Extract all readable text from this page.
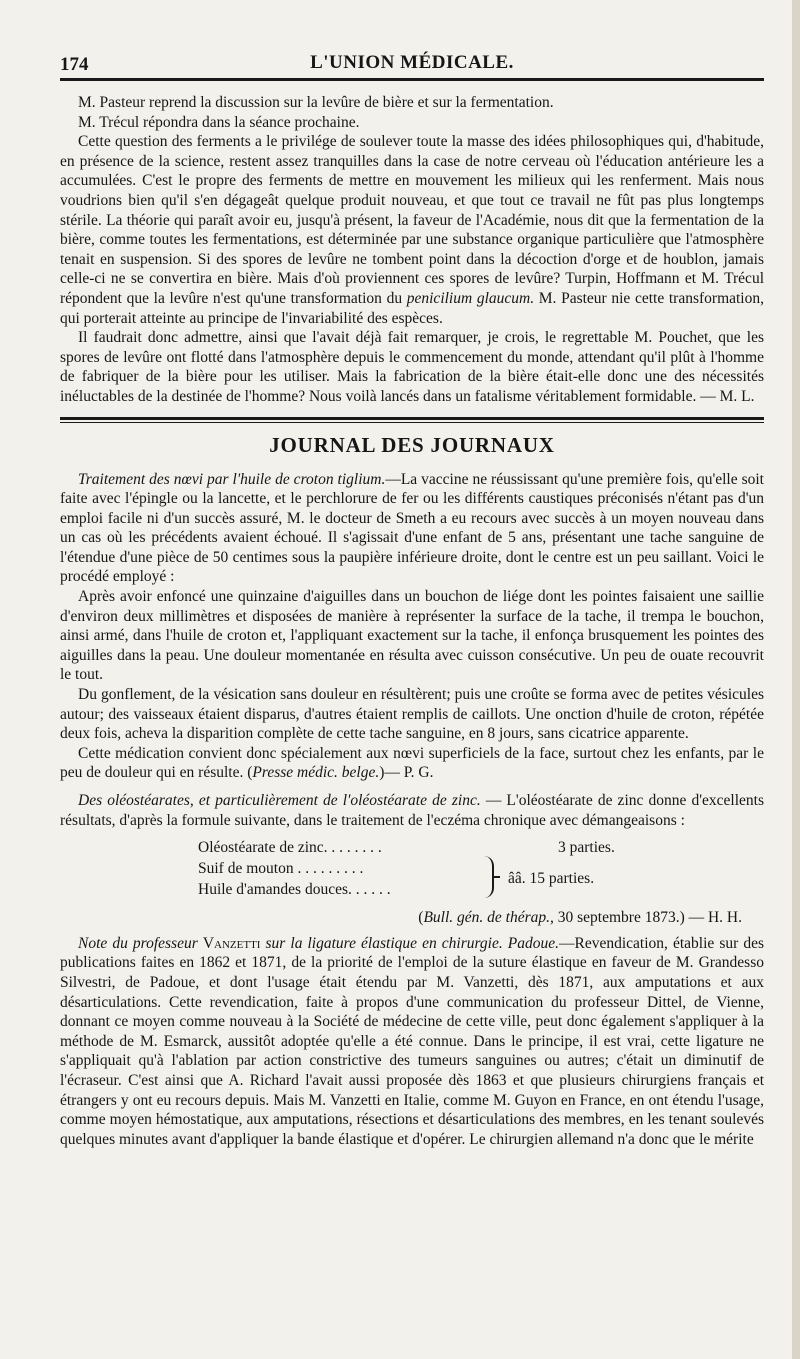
174	L'UNION MÉDICALE.

M. Pasteur reprend la discussion sur la levûre de bière et sur la fermentation.

M. Trécul répondra dans la séance prochaine.

Cette question des ferments a le privilége de soulever toute la masse des idées philosophiques qui, d'habitude, en présence de la science, restent assez tranquilles dans la case de notre cerveau où l'éducation antérieure les a accumulées. C'est le propre des ferments de mettre en mouvement les milieux qui les renferment. Mais nous voudrions bien qu'il s'en dégageât quelque produit nouveau, et que tout ce travail ne fût pas plus longtemps stérile. La théorie qui paraît avoir eu, jusqu'à présent, la faveur de l'Académie, nous dit que la fermentation de la bière, comme toutes les fermentations, est déterminée par une substance organique particulière que l'atmosphère tenait en suspension. Si des spores de levûre ne tombent point dans la décoction d'orge et de houblon, jamais celle-ci ne se convertira en bière. Mais d'où proviennent ces spores de levûre? Turpin, Hoffmann et M. Trécul répondent que la levûre n'est qu'une transformation du penicilium glaucum. M. Pasteur nie cette transformation, qui porterait atteinte au principe de l'invariabilité des espèces.

Il faudrait donc admettre, ainsi que l'avait déjà fait remarquer, je crois, le regrettable M. Pouchet, que les spores de levûre ont flotté dans l'atmosphère depuis le commencement du monde, attendant qu'il plût à l'homme de fabriquer de la bière pour les utiliser. Mais la fabrication de la bière était-elle donc une des nécessités inéluctables de la destinée de l'homme? Nous voilà lancés dans un fatalisme véritablement formidable. — M. L.

JOURNAL DES JOURNAUX

Traitement des nœvi par l'huile de croton tiglium.—La vaccine ne réussissant qu'une première fois, qu'elle soit faite avec l'épingle ou la lancette, et le perchlorure de fer ou les différents caustiques préconisés n'étant pas d'un emploi facile ni d'un succès assuré, M. le docteur de Smeth a eu recours avec succès à un moyen nouveau dans un cas où les précédents avaient échoué. Il s'agissait d'une enfant de 5 ans, présentant une tache sanguine de l'étendue d'une pièce de 50 centimes sous la paupière inférieure droite, dont le centre est un peu saillant. Voici le procédé employé :

Après avoir enfoncé une quinzaine d'aiguilles dans un bouchon de liége dont les pointes faisaient une saillie d'environ deux millimètres et disposées de manière à représenter la surface de la tache, il trempa le bouchon, ainsi armé, dans l'huile de croton et, l'appliquant exactement sur la tache, il enfonça brusquement les pointes des aiguilles dans la peau. Une douleur momentanée en résulta avec cuisson consécutive. Un peu de ouate recouvrit le tout.

Du gonflement, de la vésication sans douleur en résultèrent; puis une croûte se forma avec de petites vésicules autour; des vaisseaux étaient disparus, d'autres étaient remplis de caillots. Une onction d'huile de croton, répétée deux fois, acheva la disparition complète de cette tache sanguine, en 8 jours, sans cicatrice apparente.

Cette médication convient donc spécialement aux nœvi superficiels de la face, surtout chez les enfants, par le peu de douleur qui en résulte. (Presse médic. belge.)— P. G.

Des oléostéarates, et particulièrement de l'oléostéarate de zinc. — L'oléostéarate de zinc donne d'excellents résultats, d'après la formule suivante, dans le traitement de l'eczéma chronique avec démangeaisons :

Oléostéarate de zinc. . . . . . . .	3 parties.
Suif de mouton . . . . . . . . .
Huile d'amandes douces. . . . . .
ââ. 15 parties.

(Bull. gén. de thérap., 30 septembre 1873.) — H. H.

Note du professeur Vanzetti sur la ligature élastique en chirurgie. Padoue.—Revendication, établie sur des publications faites en 1862 et 1871, de la priorité de l'emploi de la suture élastique en faveur de M. Grandesso Silvestri, de Padoue, et dont l'usage était étendu par M. Vanzetti, dès 1871, aux amputations et aux désarticulations. Cette revendication, faite à propos d'une communication du professeur Dittel, de Vienne, donnant ce moyen comme nouveau à la Société de médecine de cette ville, peut donc également s'appliquer à la méthode de M. Esmarck, aussitôt adoptée qu'elle a été connue. Dans le principe, il est vrai, cette ligature ne s'appliquait qu'à l'ablation par action constrictive des tumeurs sanguines ou autres; c'était un diminutif de l'écraseur. C'est ainsi que A. Richard l'avait aussi proposée dès 1863 et que plusieurs chirurgiens français et étrangers y ont eu recours depuis. Mais M. Vanzetti en Italie, comme M. Guyon en France, en ont étendu l'usage, comme moyen hémostatique, aux amputations, résections et désarticulations des membres, en les tenant soulevés quelques minutes avant d'appliquer la bande élastique et d'opérer. Le chirurgien allemand n'a donc que le mérite
